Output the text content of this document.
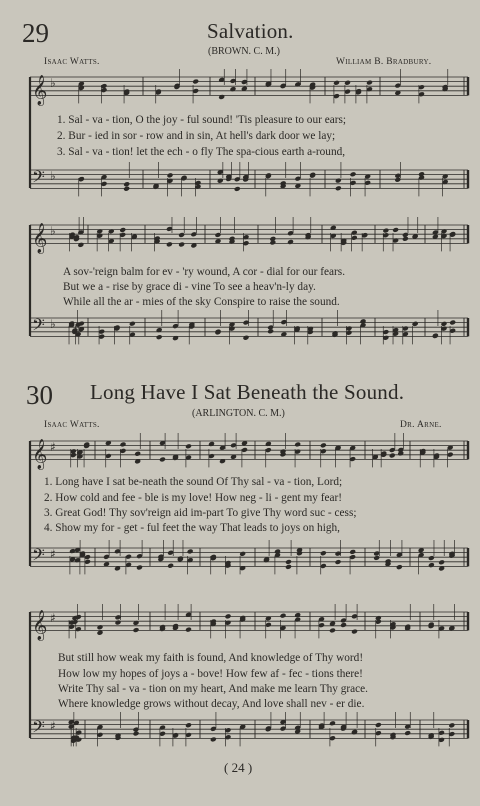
𝄞 ♭
𝄢 ♭
𝄞 ♭
𝄢 ♭
𝄞 ♯
𝄢 ♯
𝄞 ♯
𝄢 ♯
29	Salvation.
(BROWN. C. M.)
Isaac Watts.	William B. Bradbury.
1. Sal - va - tion, O the joy - ful sound! 'Tis pleasure to our ears;
2. Bur - ied in sor - row and in sin, At hell's dark door we lay;
3. Sal - va - tion! let the ech - o fly The spa-cious earth a-round,
A sov-'reign balm for ev - 'ry wound, A cor - dial for our fears.
But we a - rise by grace di - vine To see a heav'n-ly day.
While all the ar - mies of the sky Conspire to raise the sound.
30 Long Have I Sat Beneath the Sound.
(ARLINGTON. C. M.)
Isaac Watts.	Dr. Arne.
1. Long have I sat be-neath the sound Of Thy sal - va - tion, Lord;
2. How cold and fee - ble is my love! How neg - li - gent my fear!
3. Great God! Thy sov'reign aid im-part To give Thy word suc - cess;
4. Show my for - get - ful feet the way That leads to joys on high,
But still how weak my faith is found, And knowledge of Thy word!
How low my hopes of joys a - bove! How few af - fec - tions there!
Write Thy sal - va - tion on my heart, And make me learn Thy grace.
Where knowledge grows without decay, And love shall nev - er die.
( 24 )
